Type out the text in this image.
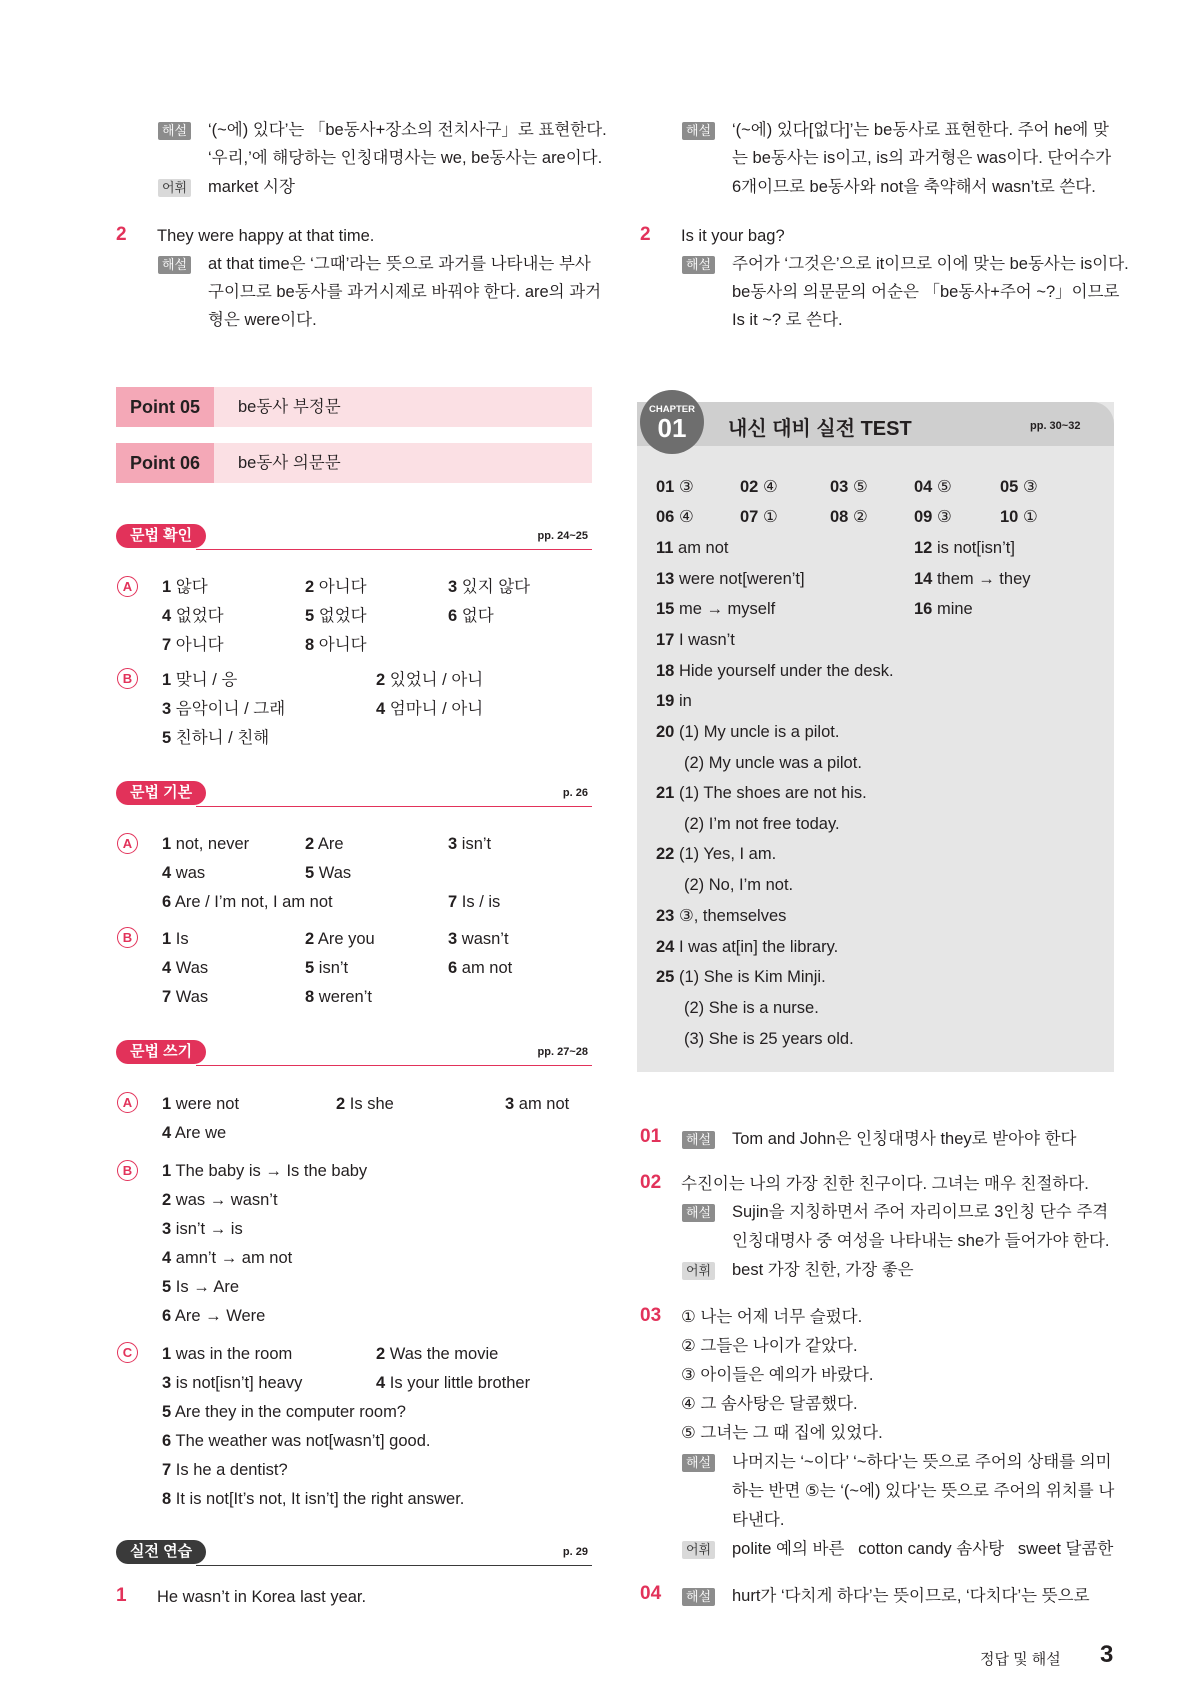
해설 ‘(~에) 있다’는 「be동사+장소의 전치사구」로 표현한다.
‘우리,’에 해당하는 인칭대명사는 we, be동사는 are이다.
어휘 market 시장
2 They were happy at that time.
해설 at that time은 ‘그때’라는 뜻으로 과거를 나타내는 부사
구이므로 be동사를 과거시제로 바꿔야 한다. are의 과거
형은 were이다.
Point 05	be동사 부정문
Point 06	be동사 의문문
문법 확인	pp. 24~25
A	1 않다	2 아니다	3 있지 않다
4 없었다	5 없었다	6 없다
7 아니다	8 아니다
B	1 맞니 / 응	2 있었니 / 아니
3 음악이니 / 그래	4 엄마니 / 아니
5 친하니 / 친해
문법 기본	p. 26
A	1 not, never	2 Are	3 isn’t
4 was	5 Was
6 Are / I’m not, I am not	7 Is / is
B	1 Is	2 Are you	3 wasn’t
4 Was	5 isn’t	6 am not
7 Was	8 weren’t
문법 쓰기	pp. 27~28
A	1 were not	2 Is she	3 am not
4 Are we
B	1 The baby is → Is the baby
2 was → wasn’t
3 isn’t → is
4 amn’t → am not
5 Is → Are
6 Are → Were
C	1 was in the room	2 Was the movie
3 is not[isn’t] heavy	4 Is your little brother
5 Are they in the computer room?
6 The weather was not[wasn’t] good.
7 Is he a dentist?
8 It is not[It’s not, It isn’t] the right answer.
실전 연습	p. 29
1 He wasn’t in Korea last year.
해설 ‘(~에) 있다[없다]’는 be동사로 표현한다. 주어 he에 맞
는 be동사는 is이고, is의 과거형은 was이다. 단어수가
6개이므로 be동사와 not을 축약해서 wasn’t로 쓴다.
2 Is it your bag?
해설 주어가 ‘그것은’으로 it이므로 이에 맞는 be동사는 is이다.
be동사의 의문문의 어순은 「be동사+주어 ~?」이므로
Is it ~? 로 쓴다.
CHAPTER
01	내신 대비 실전 TEST	pp. 30~32
01 ③	02 ④	03 ⑤	04 ⑤	05 ③
06 ④	07 ①	08 ②	09 ③	10 ①
11 am not	12 is not[isn’t]
13 were not[weren’t]	14 them → they
15 me → myself	16 mine
17 I wasn’t
18 Hide yourself under the desk.
19 in
20 (1) My uncle is a pilot.
(2) My uncle was a pilot.
21 (1) The shoes are not his.
(2) I’m not free today.
22 (1) Yes, I am.
(2) No, I’m not.
23 ③, themselves
24 I was at[in] the library.
25 (1) She is Kim Minji.
(2) She is a nurse.
(3) She is 25 years old.
01	해설 Tom and John은 인칭대명사 they로 받아야 한다
02 수진이는 나의 가장 친한 친구이다. 그녀는 매우 친절하다.
해설 Sujin을 지칭하면서 주어 자리이므로 3인칭 단수 주격
인칭대명사 중 여성을 나타내는 she가 들어가야 한다.
어휘 best 가장 친한, 가장 좋은
03 ① 나는 어제 너무 슬펐다.
② 그들은 나이가 같았다.
③ 아이들은 예의가 바랐다.
④ 그 솜사탕은 달콤했다.
⑤ 그녀는 그 때 집에 있었다.
해설 나머지는 ‘~이다’ ‘~하다’는 뜻으로 주어의 상태를 의미
하는 반면 ⑤는 ‘(~에) 있다’는 뜻으로 주어의 위치를 나
타낸다.
어휘 polite 예의 바른   cotton candy 솜사탕   sweet 달콤한
04	해설 hurt가 ‘다치게 하다’는 뜻이므로, ‘다치다’는 뜻으로
정답 및 해설 3
